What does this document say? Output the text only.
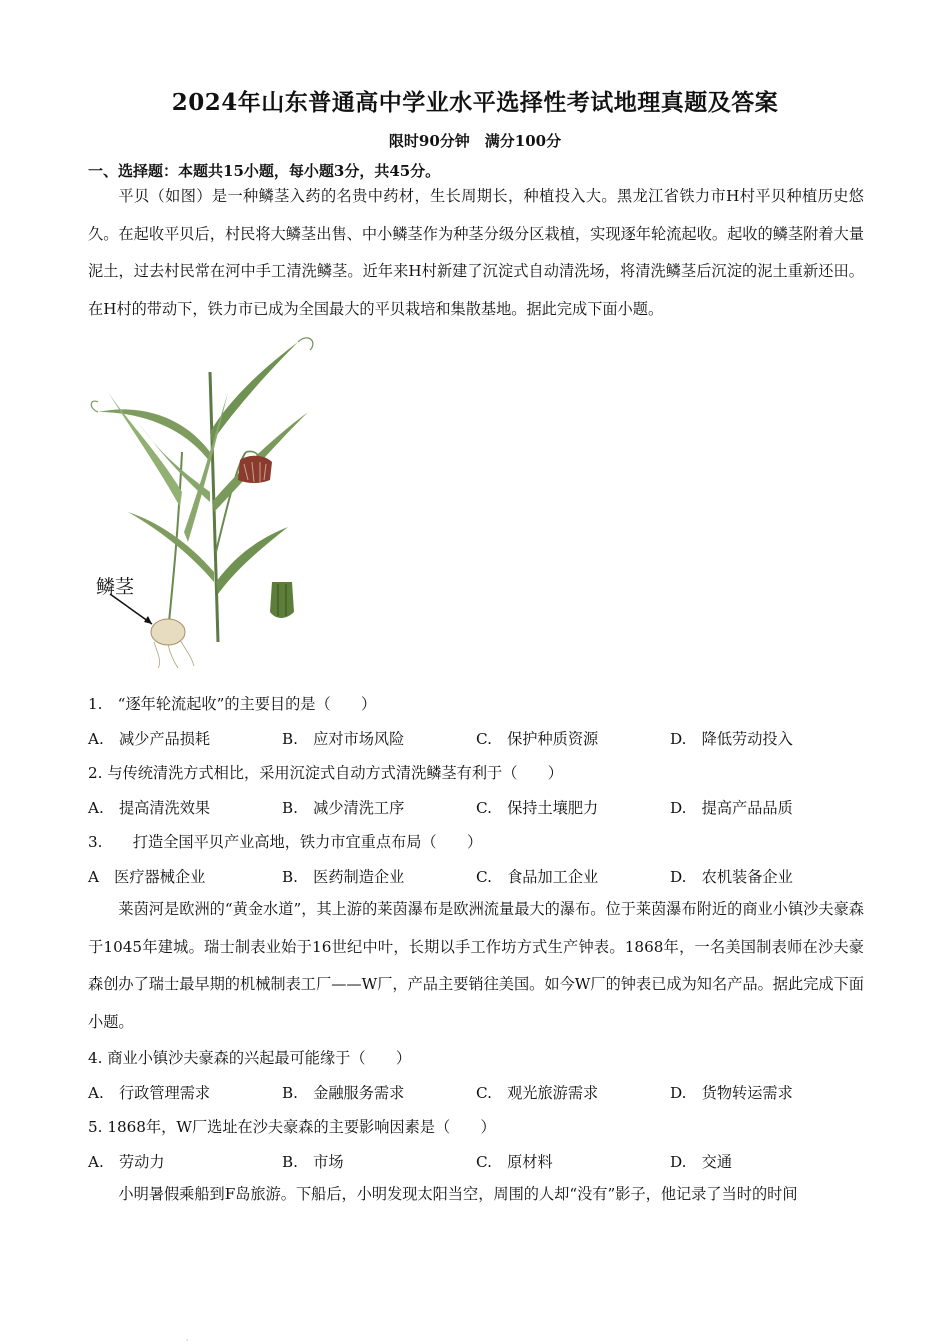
2024年山东普通高中学业水平选择性考试地理真题及答案
限时90分钟　满分100分
一、选择题：本题共15小题，每小题3分，共45分。

平贝（如图）是一种鳞茎入药的名贵中药材，生长周期长，种植投入大。黑龙江省铁力市H村平贝种植历史悠久。在起收平贝后，村民将大鳞茎出售、中小鳞茎作为种茎分级分区栽植，实现逐年轮流起收。起收的鳞茎附着大量泥土，过去村民常在河中手工清洗鳞茎。近年来H村新建了沉淀式自动清洗场，将清洗鳞茎后沉淀的泥土重新还田。在H村的带动下，铁力市已成为全国最大的平贝栽培和集散基地。据此完成下面小题。

鳞茎
1.　“逐年轮流起收”的主要目的是（　　）
A.　减少产品损耗	B.　应对市场风险	C.　保护种质资源	D.　降低劳动投入
2. 与传统清洗方式相比，采用沉淀式自动方式清洗鳞茎有利于（　　）
A.　提高清洗效果	B.　减少清洗工序	C.　保持土壤肥力	D.　提高产品品质
3.　　打造全国平贝产业高地，铁力市宜重点布局（　　）
A　医疗器械企业	B.　医药制造企业	C.　食品加工企业	D.　农机装备企业

莱茵河是欧洲的“黄金水道”，其上游的莱茵瀑布是欧洲流量最大的瀑布。位于莱茵瀑布附近的商业小镇沙夫豪森于1045年建城。瑞士制表业始于16世纪中叶，长期以手工作坊方式生产钟表。1868年，一名美国制表师在沙夫豪森创办了瑞士最早期的机械制表工厂——W厂，产品主要销往美国。如今W厂的钟表已成为知名产品。据此完成下面小题。

4. 商业小镇沙夫豪森的兴起最可能缘于（　　）
A.　行政管理需求	B.　金融服务需求	C.　观光旅游需求	D.　货物转运需求
5. 1868年，W厂选址在沙夫豪森的主要影响因素是（　　）
A.　劳动力	B.　市场	C.　原材料	D.　交通

小明暑假乘船到F岛旅游。下船后，小明发现太阳当空，周围的人却“没有”影子，他记录了当时的时间

、
